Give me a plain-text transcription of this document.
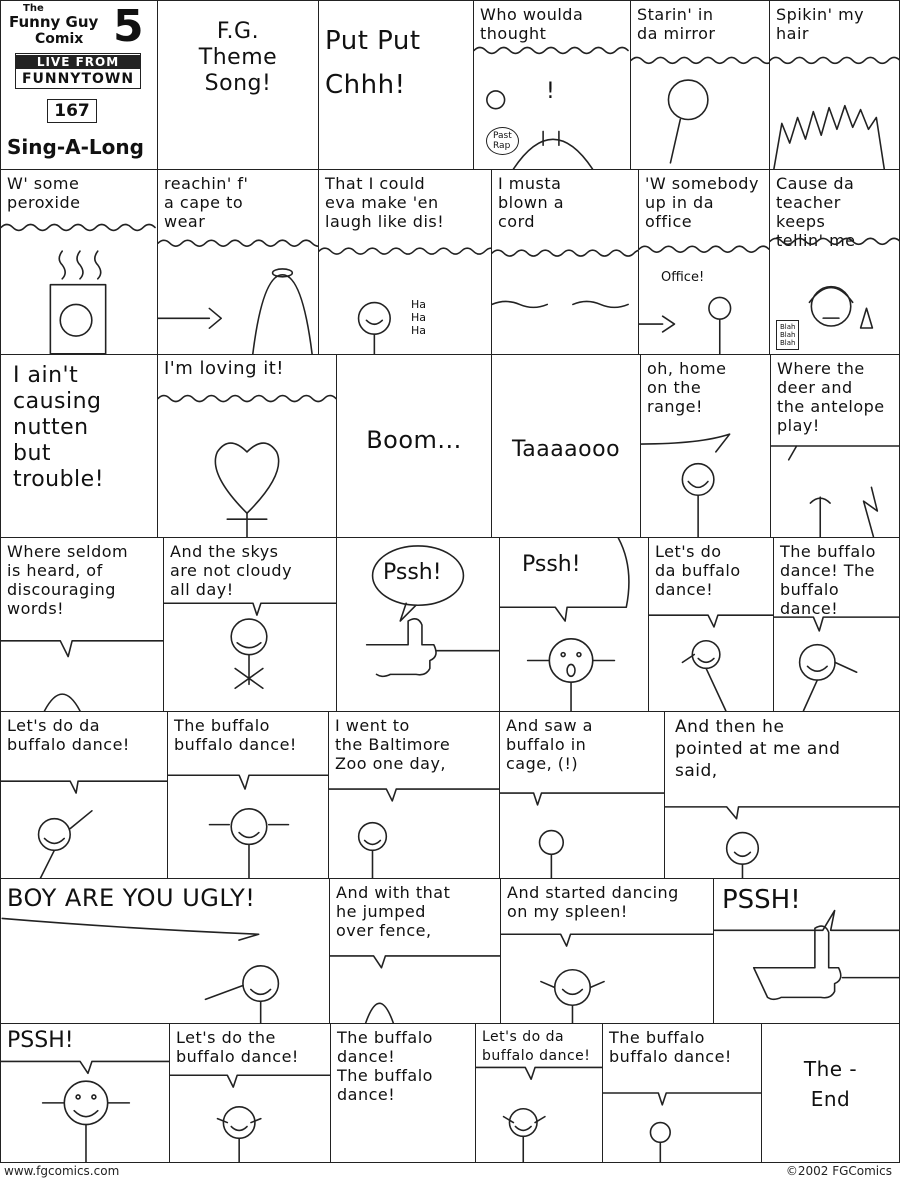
The
Funny Guy
Comix 5
LIVE FROM
FUNNYTOWN
167
Sing-A-Long
F.G.
Theme
Song!
Put Put
Chhh!
Who woulda
thought
!
Past
Rap
Starin' in
da mirror
Spikin' my
hair
W' some
peroxide
reachin' f'
a cape to
wear
That I could
eva make 'en
laugh like dis!
Ha
Ha
Ha
I musta
blown a
cord
'W somebody
up in da
office
Office!
Cause da
teacher keeps
tellin' me
Blah
Blah
Blah
I ain't
causing
nutten
but
trouble!
I'm loving it!
Boom...	Taaaaooo
oh, home
on the
range!
Where the
deer and
the antelope
play!
Where seldom
is heard, of
discouraging
words!
And the skys
are not cloudy
all day!
Pssh!	Pssh!
Let's do
da buffalo
dance!
The buffalo
dance! The
buffalo dance!
Let's do da
buffalo dance!
The buffalo
buffalo dance!
I went to
the Baltimore
Zoo one day,
And saw a
buffalo in
cage, (!)
And then he
pointed at me and
said,
BOY ARE YOU UGLY!	And with that
he jumped
over fence,
And started dancing
on my spleen!	PSSH!
PSSH!	Let's do the
buffalo dance!
The buffalo
dance!
The buffalo
dance!
Let's do da
buffalo dance!
The buffalo
buffalo dance!
The -
End
www.fgcomics.com	©2002 FGComics
